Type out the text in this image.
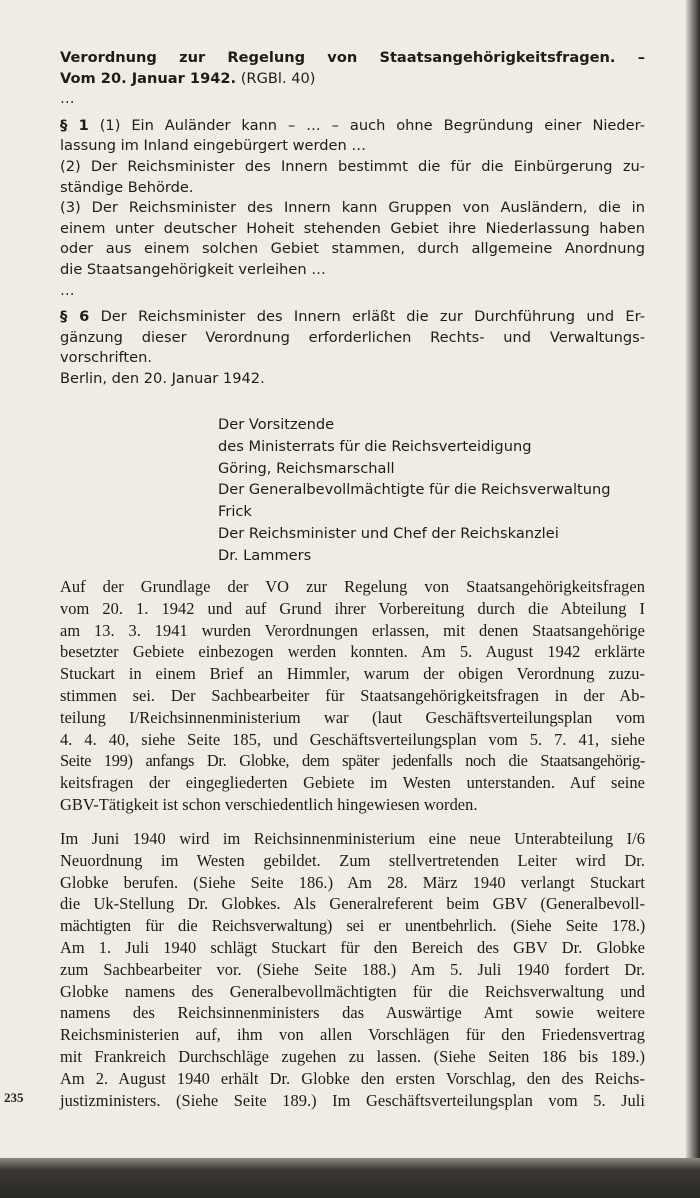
Verordnung zur Regelung von Staatsangehörigkeitsfragen. –
Vom 20. Januar 1942. (RGBl. 40)
…
§ 1 (1) Ein Auländer kann – … – auch ohne Begründung einer Nieder-
lassung im Inland eingebürgert werden …
(2) Der Reichsminister des Innern bestimmt die für die Einbürgerung zu-
ständige Behörde.
(3) Der Reichsminister des Innern kann Gruppen von Ausländern, die in
einem unter deutscher Hoheit stehenden Gebiet ihre Niederlassung haben
oder aus einem solchen Gebiet stammen, durch allgemeine Anordnung
die Staatsangehörigkeit verleihen …
…
§ 6 Der Reichsminister des Innern erläßt die zur Durchführung und Er-
gänzung dieser Verordnung erforderlichen Rechts- und Verwaltungs-
vorschriften.
Berlin, den 20. Januar 1942.
Der Vorsitzende
des Ministerrats für die Reichsverteidigung
Göring, Reichsmarschall
Der Generalbevollmächtigte für die Reichsverwaltung
Frick
Der Reichsminister und Chef der Reichskanzlei
Dr. Lammers
Auf der Grundlage der VO zur Regelung von Staatsangehörigkeitsfragen
vom 20. 1. 1942 und auf Grund ihrer Vorbereitung durch die Abteilung I
am 13. 3. 1941 wurden Verordnungen erlassen, mit denen Staatsangehörige
besetzter Gebiete einbezogen werden konnten. Am 5. August 1942 erklärte
Stuckart in einem Brief an Himmler, warum der obigen Verordnung zuzu-
stimmen sei. Der Sachbearbeiter für Staatsangehörigkeitsfragen in der Ab-
teilung I/Reichsinnenministerium war (laut Geschäftsverteilungsplan vom
4. 4. 40, siehe Seite 185, und Geschäftsverteilungsplan vom 5. 7. 41, siehe
Seite 199) anfangs Dr. Globke, dem später jedenfalls noch die Staatsangehörig-
keitsfragen der eingegliederten Gebiete im Westen unterstanden. Auf seine
GBV-Tätigkeit ist schon verschiedentlich hingewiesen worden.
Im Juni 1940 wird im Reichsinnenministerium eine neue Unterabteilung I/6
Neuordnung im Westen gebildet. Zum stellvertretenden Leiter wird Dr.
Globke berufen. (Siehe Seite 186.) Am 28. März 1940 verlangt Stuckart
die Uk-Stellung Dr. Globkes. Als Generalreferent beim GBV (Generalbevoll-
mächtigten für die Reichsverwaltung) sei er unentbehrlich. (Siehe Seite 178.)
Am 1. Juli 1940 schlägt Stuckart für den Bereich des GBV Dr. Globke
zum Sachbearbeiter vor. (Siehe Seite 188.) Am 5. Juli 1940 fordert Dr.
Globke namens des Generalbevollmächtigten für die Reichsverwaltung und
namens des Reichsinnenministers das Auswärtige Amt sowie weitere
Reichsministerien auf, ihm von allen Vorschlägen für den Friedensvertrag
mit Frankreich Durchschläge zugehen zu lassen. (Siehe Seiten 186 bis 189.)
Am 2. August 1940 erhält Dr. Globke den ersten Vorschlag, den des Reichs-
justizministers. (Siehe Seite 189.) Im Geschäftsverteilungsplan vom 5. Juli
235
